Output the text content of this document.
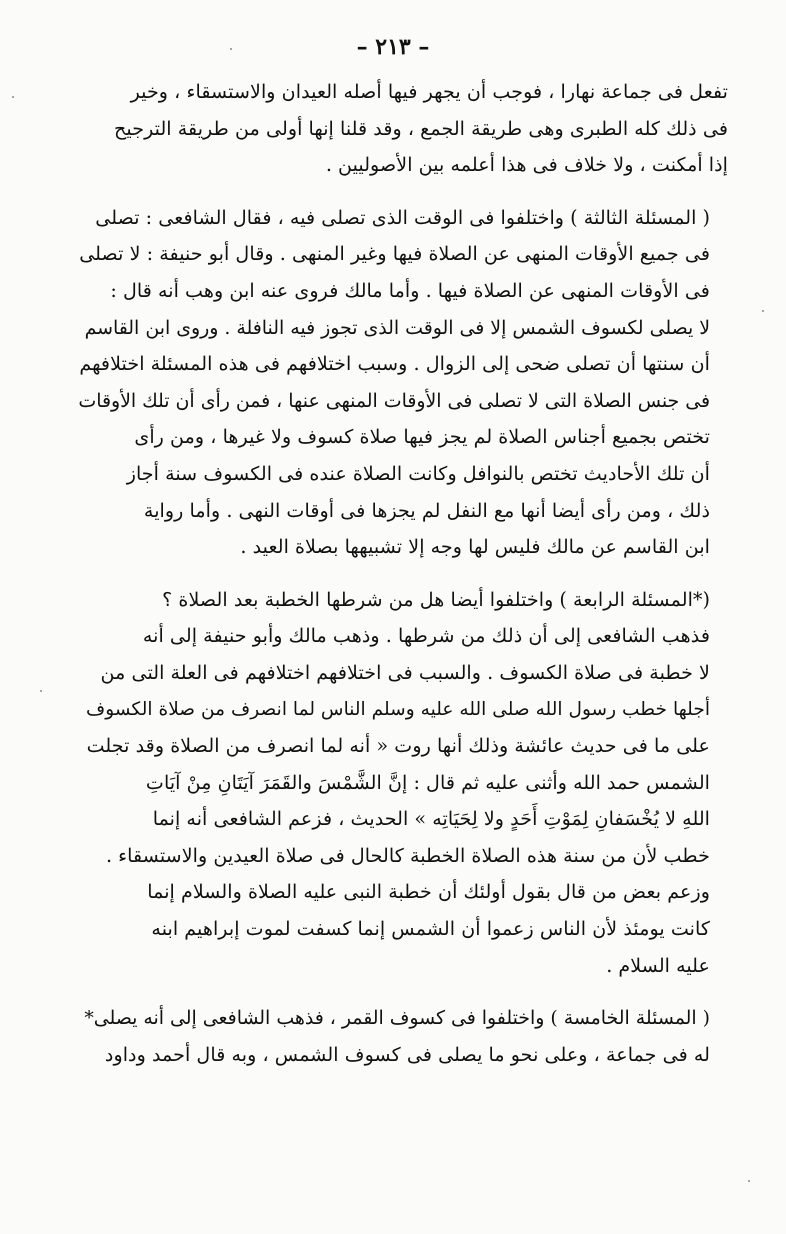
– ٢١٣ –
تفعل فى جماعة نهارا ، فوجب أن يجهر فيها أصله العيدان والاستسقاء ، وخير
فى ذلك كله الطبرى وهى طريقة الجمع ، وقد قلنا إنها أولى من طريقة الترجيح
إذا أمكنت ، ولا خلاف فى هذا أعلمه بين الأصوليين .
( المسئلة الثالثة ) واختلفوا فى الوقت الذى تصلى فيه ، فقال الشافعى : تصلى
فى جميع الأوقات المنهى عن الصلاة فيها وغير المنهى . وقال أبو حنيفة : لا تصلى
فى الأوقات المنهى عن الصلاة فيها . وأما مالك فروى عنه ابن وهب أنه قال :
لا يصلى لكسوف الشمس إلا فى الوقت الذى تجوز فيه النافلة . وروى ابن القاسم
أن سنتها أن تصلى ضحى إلى الزوال . وسبب اختلافهم فى هذه المسئلة اختلافهم
فى جنس الصلاة التى لا تصلى فى الأوقات المنهى عنها ، فمن رأى أن تلك الأوقات
تختص بجميع أجناس الصلاة لم يجز فيها صلاة كسوف ولا غيرها ، ومن رأى
أن تلك الأحاديث تختص بالنوافل وكانت الصلاة عنده فى الكسوف سنة أجاز
ذلك ، ومن رأى أيضا أنها مع النفل لم يجزها فى أوقات النهى . وأما رواية
ابن القاسم عن مالك فليس لها وجه إلا تشبيهها بصلاة العيد .
(*المسئلة الرابعة ) واختلفوا أيضا هل من شرطها الخطبة بعد الصلاة ؟
فذهب الشافعى إلى أن ذلك من شرطها . وذهب مالك وأبو حنيفة إلى أنه
لا خطبة فى صلاة الكسوف . والسبب فى اختلافهم اختلافهم فى العلة التى من
أجلها خطب رسول الله صلى الله عليه وسلم الناس لما انصرف من صلاة الكسوف
على ما فى حديث عائشة وذلك أنها روت « أنه لما انصرف من الصلاة وقد تجلت
الشمس حمد الله وأثنى عليه ثم قال : إنَّ الشَّمْسَ والقَمَرَ آيَتَانِ مِنْ آيَاتِ
اللهِ لا يُخْسَفانِ لِمَوْتِ أَحَدٍ ولا لِحَيَاتِه » الحديث ، فزعم الشافعى أنه إنما
خطب لأن من سنة هذه الصلاة الخطبة كالحال فى صلاة العيدين والاستسقاء .
وزعم بعض من قال بقول أولئك أن خطبة النبى عليه الصلاة والسلام إنما
كانت يومئذ لأن الناس زعموا أن الشمس إنما كسفت لموت إبراهيم ابنه
عليه السلام .
( المسئلة الخامسة ) واختلفوا فى كسوف القمر ، فذهب الشافعى إلى أنه يصلى*
له فى جماعة ، وعلى نحو ما يصلى فى كسوف الشمس ، وبه قال أحمد وداود
